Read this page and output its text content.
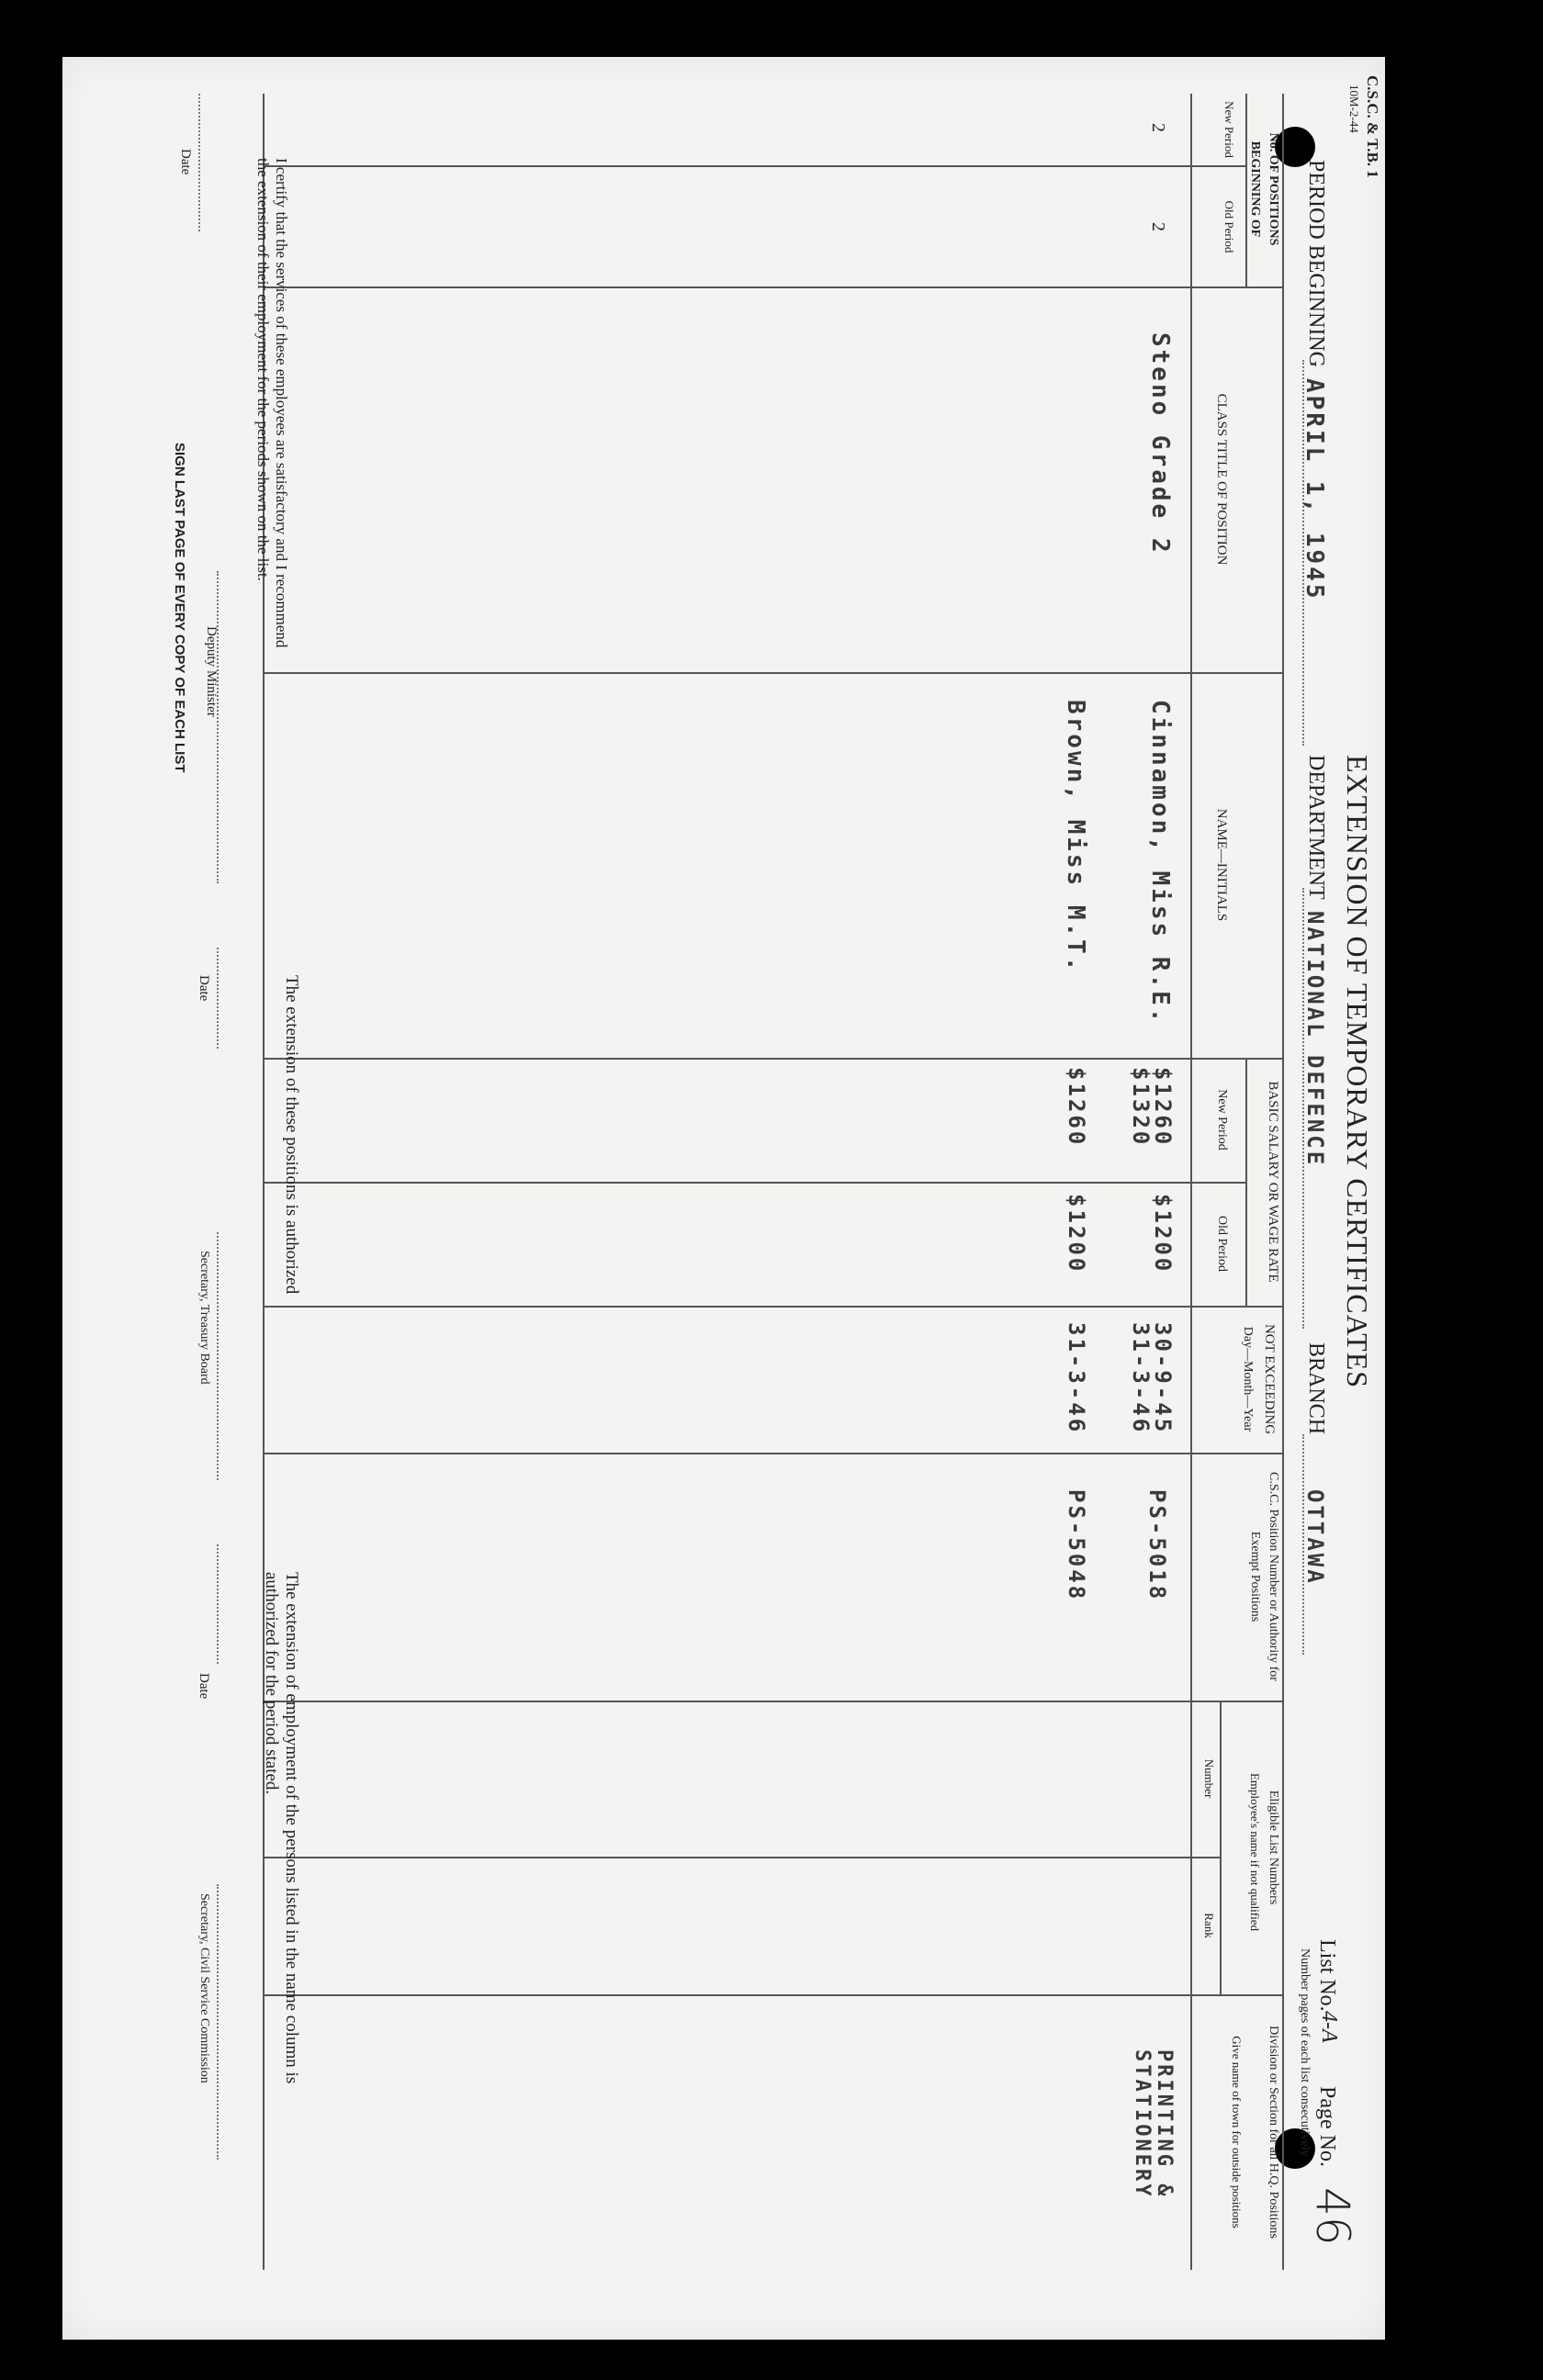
C.S.C. & T.B. 1
10M-2-44
EXTENSION OF TEMPORARY CERTIFICATES
PERIOD BEGINNING
APRIL 1, 1945
DEPARTMENT
NATIONAL DEFENCE
BRANCH
OTTAWA
List No.
4-A
Page No.
46
Number pages of each list consecutively
No. OF POSITIONS BEGINNING OF
New Period
Old Period
CLASS TITLE OF POSITION
NAME—INITIALS
BASIC SALARY OR WAGE RATE
New Period
Old Period
NOT EXCEEDING
Day—Month—Year
C.S.C. Position Number or Authority for Exempt Positions
Eligible List Numbers
Employee's name if not qualified
Number
Rank
Division or Section for all H.Q. Positions
Give name of town for outside positions
2
2
Steno Grade 2
Cinnamon, Miss R.E.
Brown, Miss M.T.
$1260
$1320
$1200
$1260
$1200
30-9-45
31-3-46
31-3-46
PS-5018
PS-5048
PRINTING &
STATIONERY
I certify that the services of these employees are satisfactory and I recommend
the extension of their employment for the periods shown on the list.
Date
Deputy Minister
SIGN LAST PAGE OF EVERY COPY OF EACH LIST
The extension of these positions is authorized
Date
Secretary, Treasury Board
The extension of employment of the persons listed in the name column is
authorized for the period stated.
Date
Secretary, Civil Service Commission
